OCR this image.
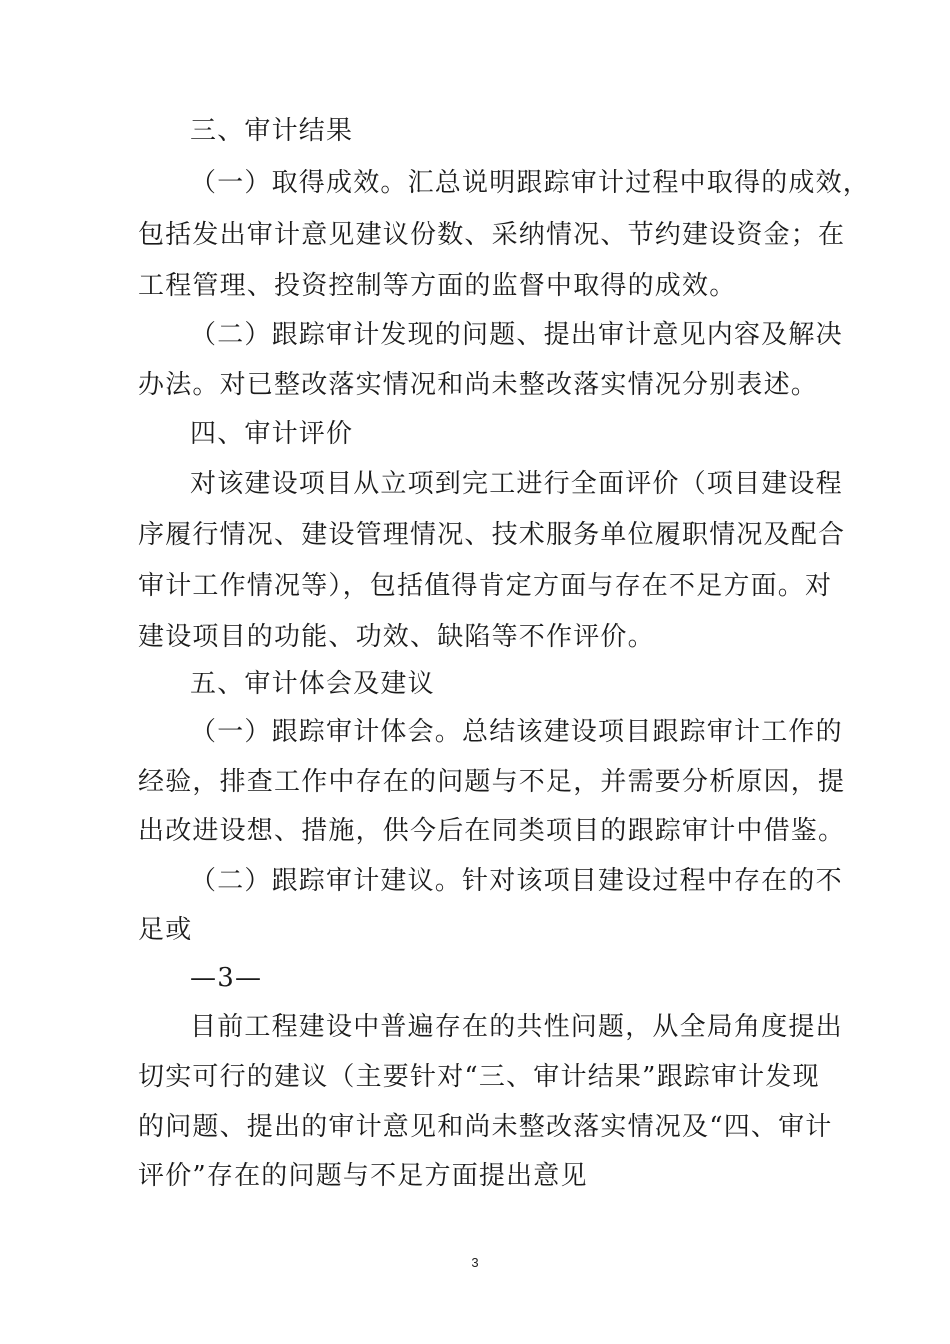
三、审计结果
（一）取得成效。汇总说明跟踪审计过程中取得的成效，
包括发出审计意见建议份数、采纳情况、节约建设资金；在
工程管理、投资控制等方面的监督中取得的成效。
（二）跟踪审计发现的问题、提出审计意见内容及解决
办法。对已整改落实情况和尚未整改落实情况分别表述。
四、审计评价
对该建设项目从立项到完工进行全面评价（项目建设程
序履行情况、建设管理情况、技术服务单位履职情况及配合
审计工作情况等），包括值得肯定方面与存在不足方面。对
建设项目的功能、功效、缺陷等不作评价。
五、审计体会及建议
（一）跟踪审计体会。总结该建设项目跟踪审计工作的
经验，排查工作中存在的问题与不足，并需要分析原因，提
出改进设想、措施，供今后在同类项目的跟踪审计中借鉴。
（二）跟踪审计建议。针对该项目建设过程中存在的不
足或
—3—
目前工程建设中普遍存在的共性问题，从全局角度提出
切实可行的建议（主要针对“三、审计结果”跟踪审计发现
的问题、提出的审计意见和尚未整改落实情况及“四、审计
评价”存在的问题与不足方面提出意见
3
